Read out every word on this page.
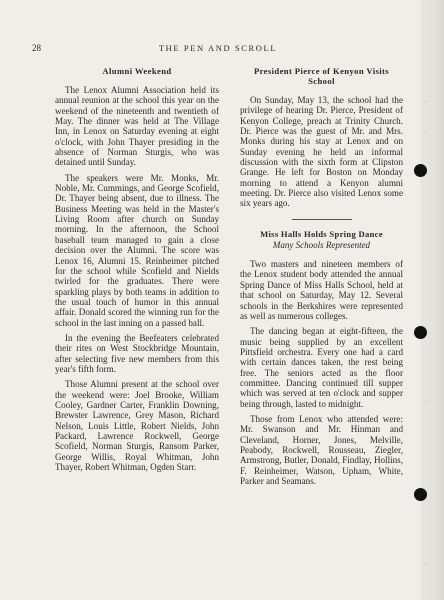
28	THE PEN AND SCROLL
Alumni Weekend

The Lenox Alumni Association held its annual reunion at the school this year on the weekend of the nineteenth and twentieth of May. The dinner was held at The Village Inn, in Lenox on Saturday evening at eight o'clock, with John Thayer presiding in the absence of Norman Sturgis, who was detained until Sunday.

The speakers were Mr. Monks, Mr. Noble, Mr. Cummings, and George Scofield, Dr. Thayer being absent, due to illness. The Business Meeting was held in the Master's Living Room after church on Sunday morning. In the afternoon, the School baseball team managed to gain a close decision over the Alumni. The score was Lenox 16, Alumni 15. Reinheimer pitched for the school while Scofield and Nields twirled for the graduates. There were sparkling plays by both teams in addition to the usual touch of humor in this annual affair. Donald scored the winning run for the school in the last inning on a passed ball.

In the evening the Beefeaters celebrated their rites on West Stockbridge Mountain, after selecting five new members from this year's fifth form.

Those Alumni present at the school over the weekend were: Joel Brooke, William Cooley, Gardner Carter, Franklin Downing, Brewster Lawrence, Grey Mason, Richard Nelson, Louis Little, Robert Nields, John Packard, Lawrence Rockwell, George Scofield, Norman Sturgis, Ransom Parker, George Willis, Royal Whitman, John Thayer, Robert Whitman, Ogden Starr.

President Pierce of Kenyon Visits School

On Sunday, May 13, the school had the privilege of hearing Dr. Pierce, President of Kenyon College, preach at Trinity Church. Dr. Pierce was the guest of Mr. and Mrs. Monks during his stay at Lenox and on Sunday evening he held an informal discussion with the sixth form at Clipston Grange. He left for Boston on Monday morning to attend a Kenyon alumni meeting. Dr. Pierce also visited Lenox some six years ago.

Miss Halls Holds Spring Dance
Many Schools Represented

Two masters and nineteen members of the Lenox student body attended the annual Spring Dance of Miss Halls School, held at that school on Saturday, May 12. Several schools in the Berkshires were represented as well as numerous colleges.

The dancing began at eight-fifteen, the music being supplied by an excellent Pittsfield orchestra. Every one had a card with certain dances taken, the rest being free. The seniors acted as the floor committee. Dancing continued till supper which was served at ten o'clock and supper being through, lasted to midnight.

Those from Lenox who attended were: Mr. Swanson and Mr. Hinman and Cleveland, Horner, Jones, Melville, Peabody, Rockwell, Rousseau, Ziegler, Armstrong, Butler, Donald, Findlay, Hollins, F. Reinheimer, Watson, Upham, White, Parker and Seamans.

·
·
·
·
